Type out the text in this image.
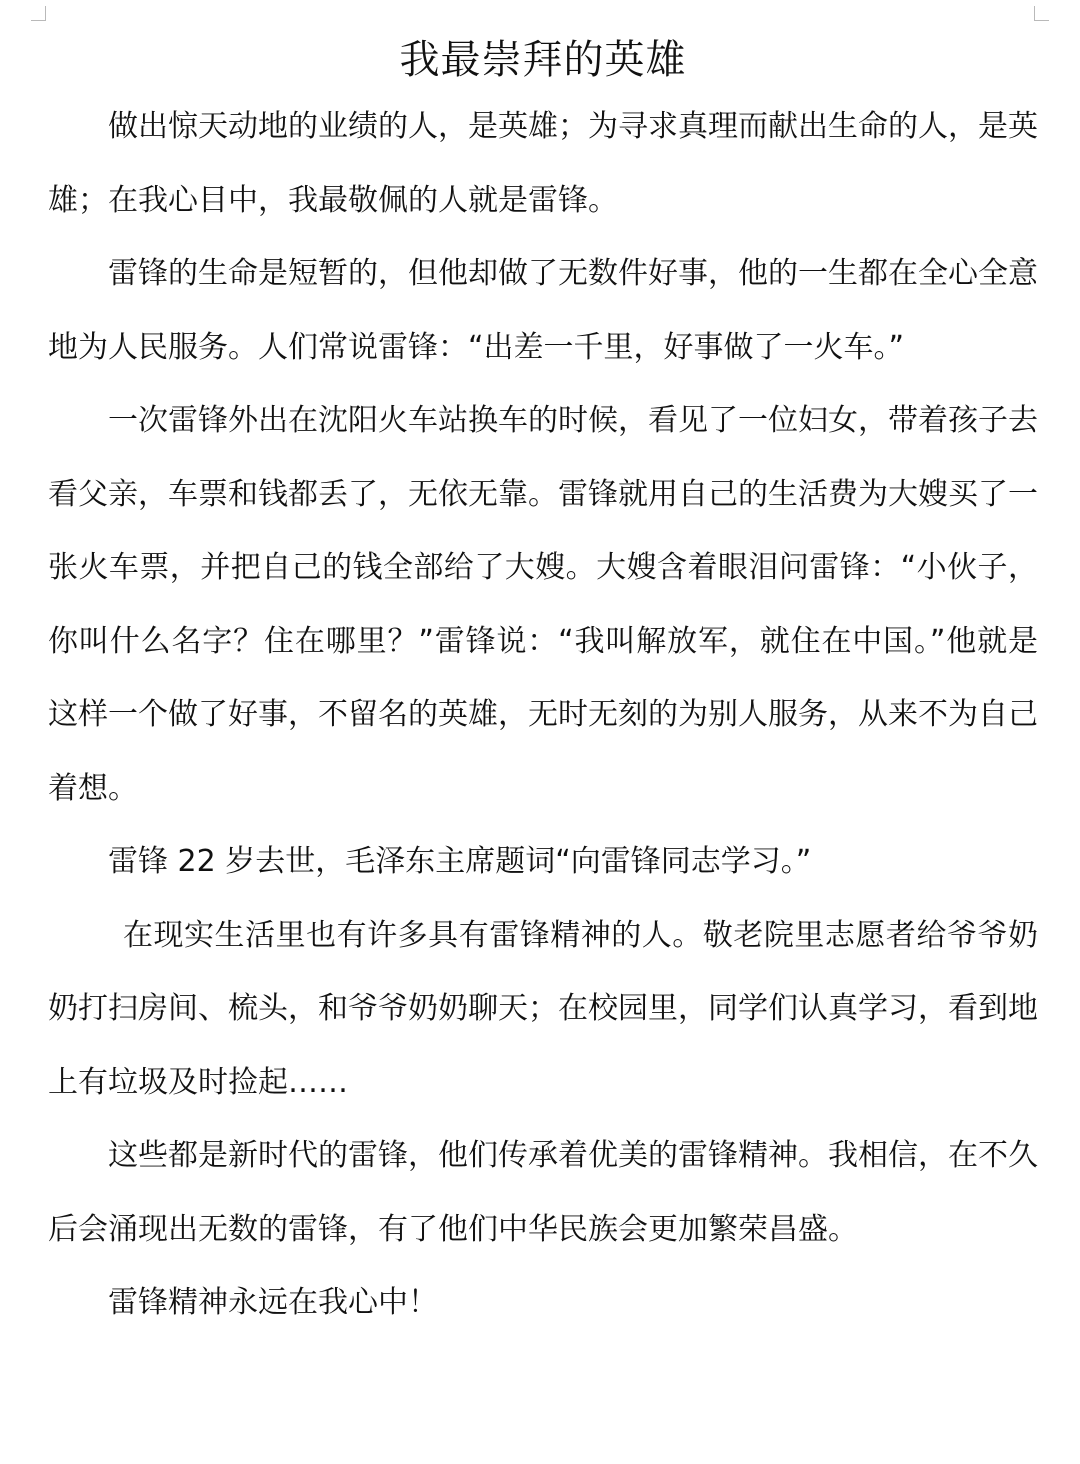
我最崇拜的英雄

做出惊天动地的业绩的人，是英雄；为寻求真理而献出生命的人，是英雄；在我心目中，我最敬佩的人就是雷锋。

雷锋的生命是短暂的，但他却做了无数件好事，他的一生都在全心全意地为人民服务。人们常说雷锋：“出差一千里，好事做了一火车。”

一次雷锋外出在沈阳火车站换车的时候，看见了一位妇女，带着孩子去看父亲，车票和钱都丢了，无依无靠。雷锋就用自己的生活费为大嫂买了一张火车票，并把自己的钱全部给了大嫂。大嫂含着眼泪问雷锋：“小伙子，你叫什么名字？住在哪里？”雷锋说：“我叫解放军，就住在中国。”他就是这样一个做了好事，不留名的英雄，无时无刻的为别人服务，从来不为自己着想。

雷锋 22 岁去世，毛泽东主席题词“向雷锋同志学习。”

在现实生活里也有许多具有雷锋精神的人。敬老院里志愿者给爷爷奶奶打扫房间、梳头，和爷爷奶奶聊天；在校园里，同学们认真学习，看到地上有垃圾及时捡起……

这些都是新时代的雷锋，他们传承着优美的雷锋精神。我相信，在不久后会涌现出无数的雷锋，有了他们中华民族会更加繁荣昌盛。

雷锋精神永远在我心中！
